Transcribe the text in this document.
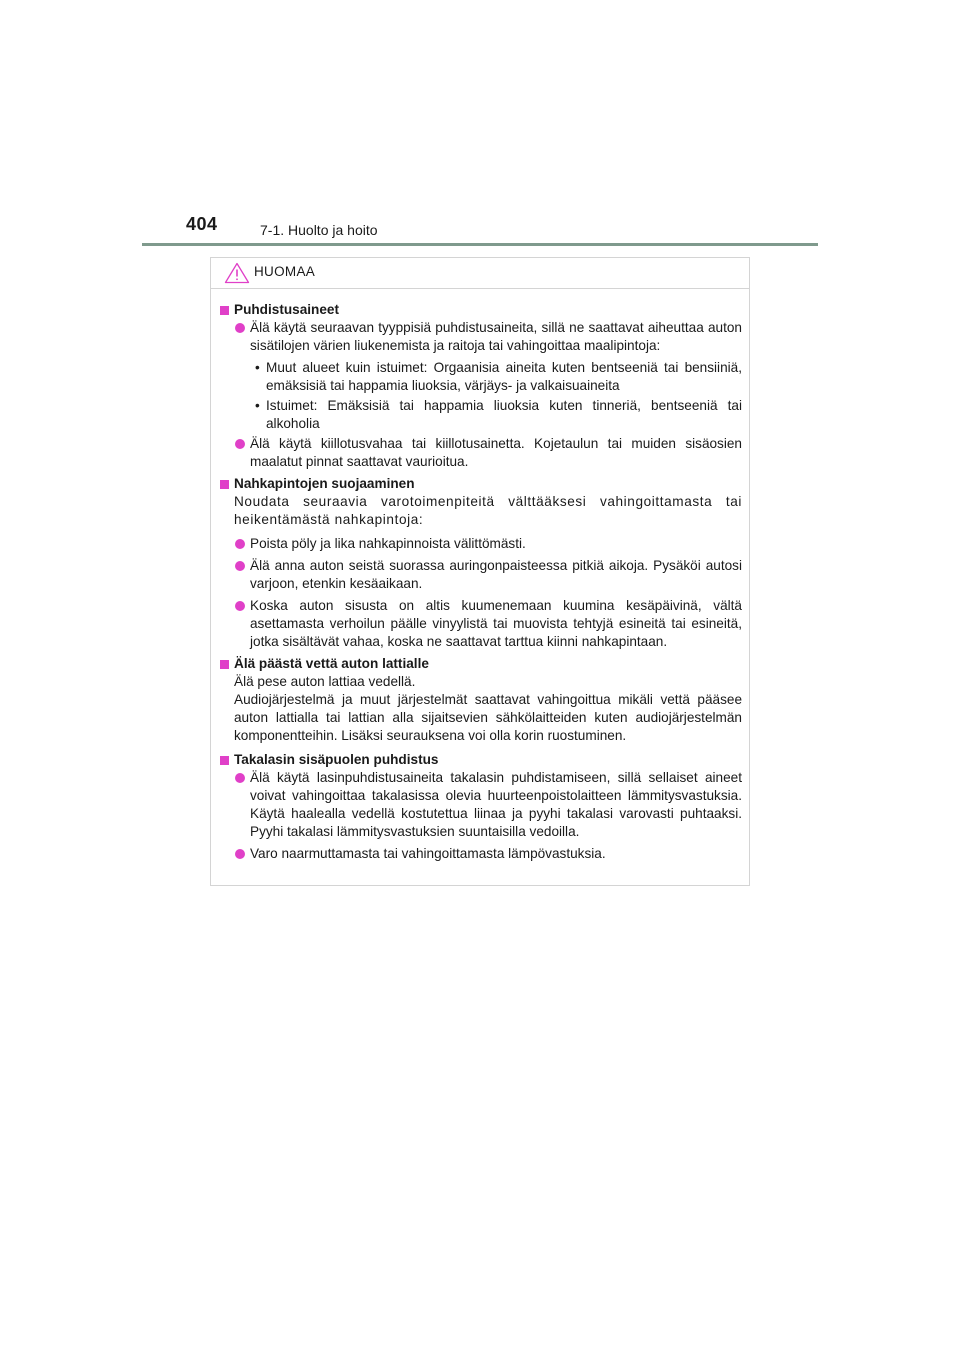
404	7-1. Huolto ja hoito
HUOMAA
Puhdistusaineet
Älä käytä seuraavan tyyppisiä puhdistusaineita, sillä ne saattavat aiheuttaa auton sisätilojen värien liukenemista ja raitoja tai vahingoittaa maalipintoja:
• Muut alueet kuin istuimet: Orgaanisia aineita kuten bentseeniä tai bensiiniä, emäksisiä tai happamia liuoksia, värjäys- ja valkaisuaineita
• Istuimet: Emäksisiä tai happamia liuoksia kuten tinneriä, bentseeniä tai alkoholia
Älä käytä kiillotusvahaa tai kiillotusainetta. Kojetaulun tai muiden sisäosien maalatut pinnat saattavat vaurioitua.
Nahkapintojen suojaaminen
Noudata seuraavia varotoimenpiteitä välttääksesi vahingoittamasta tai heikentämästä nahkapintoja:
Poista pöly ja lika nahkapinnoista välittömästi.
Älä anna auton seistä suorassa auringonpaisteessa pitkiä aikoja. Pysäköi autosi varjoon, etenkin kesäaikaan.
Koska auton sisusta on altis kuumenemaan kuumina kesäpäivinä, vältä asettamasta verhoilun päälle vinyylistä tai muovista tehtyjä esineitä tai esineitä, jotka sisältävät vahaa, koska ne saattavat tarttua kiinni nahkapintaan.
Älä päästä vettä auton lattialle
Älä pese auton lattiaa vedellä.
Audiojärjestelmä ja muut järjestelmät saattavat vahingoittua mikäli vettä pääsee auton lattialla tai lattian alla sijaitsevien sähkölaitteiden kuten audiojärjestelmän komponentteihin. Lisäksi seurauksena voi olla korin ruostuminen.
Takalasin sisäpuolen puhdistus
Älä käytä lasinpuhdistusaineita takalasin puhdistamiseen, sillä sellaiset aineet voivat vahingoittaa takalasissa olevia huurteenpoistolaitteen lämmitysvastuksia. Käytä haalealla vedellä kostutettua liinaa ja pyyhi takalasi varovasti puhtaaksi. Pyyhi takalasi lämmitysvastuksien suuntaisilla vedoilla.
Varo naarmuttamasta tai vahingoittamasta lämpövastuksia.
